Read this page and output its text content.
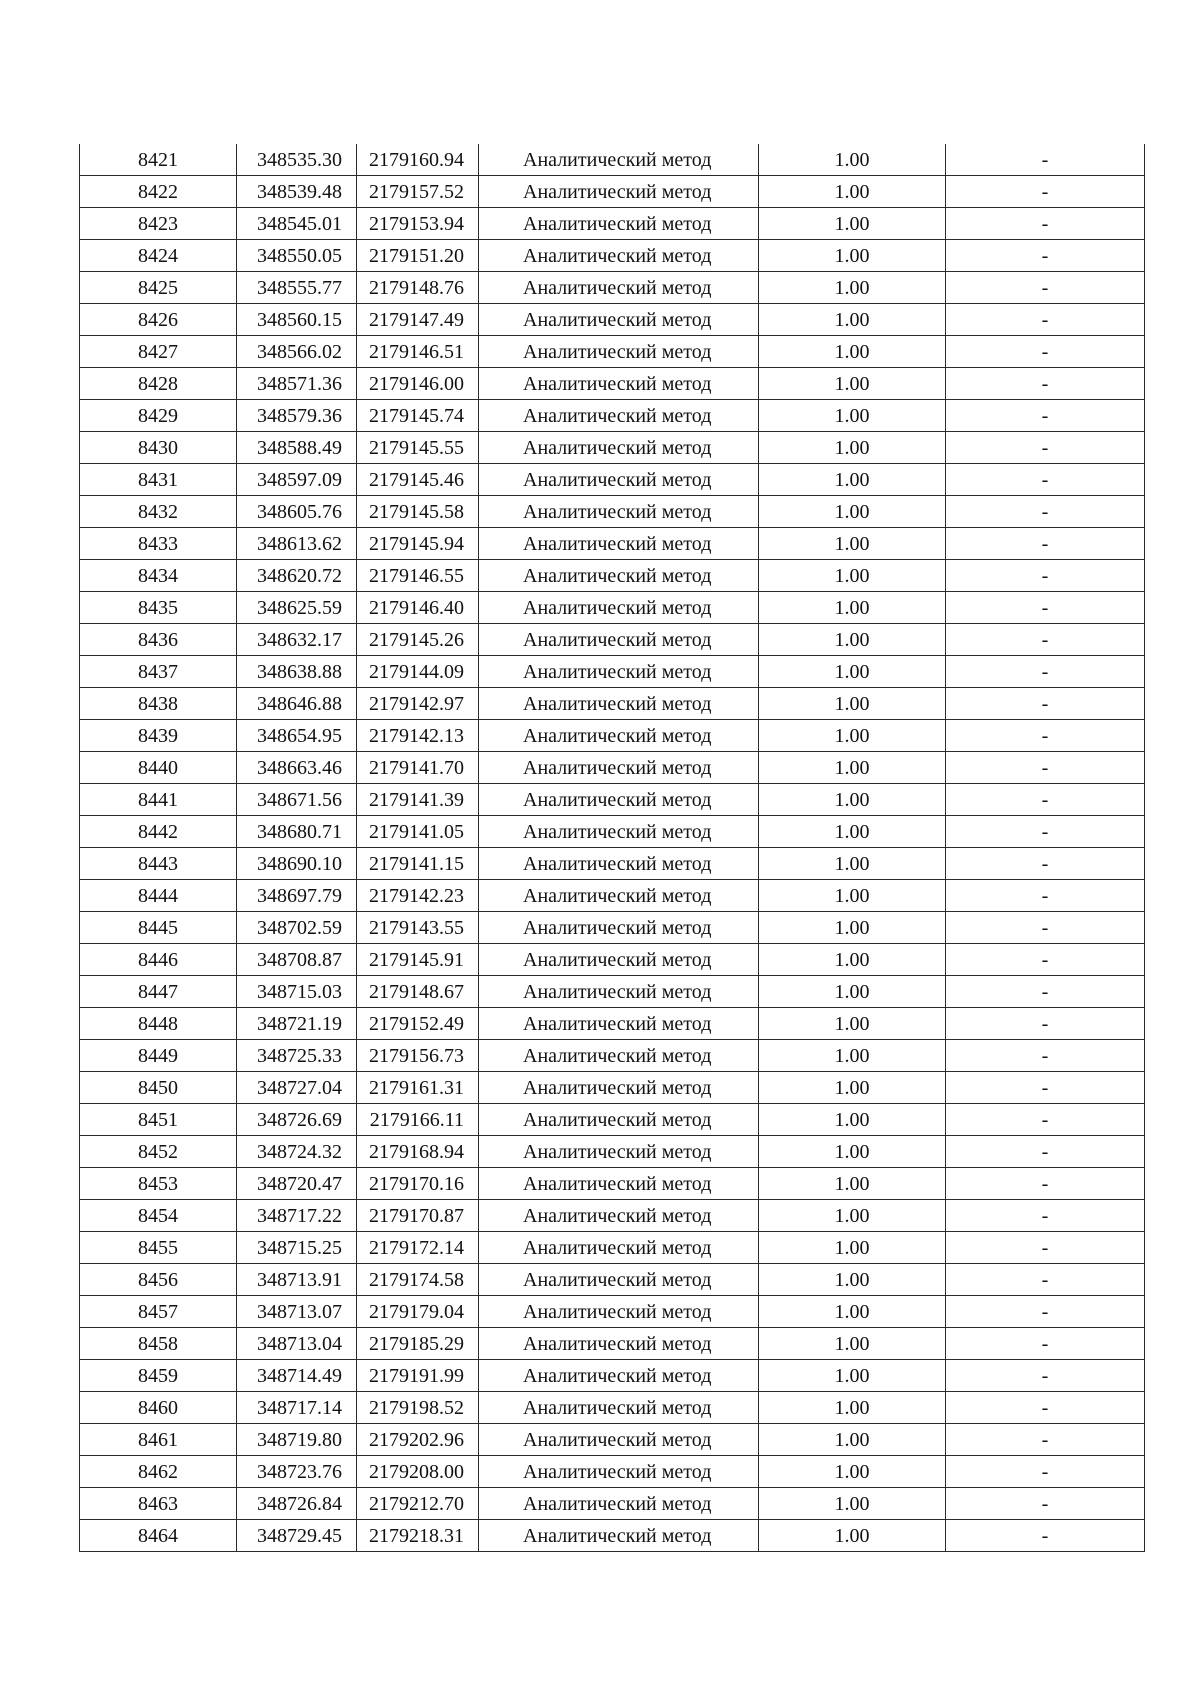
8421	348535.30	2179160.94	Аналитический метод	1.00	-
8422	348539.48	2179157.52	Аналитический метод	1.00	-
8423	348545.01	2179153.94	Аналитический метод	1.00	-
8424	348550.05	2179151.20	Аналитический метод	1.00	-
8425	348555.77	2179148.76	Аналитический метод	1.00	-
8426	348560.15	2179147.49	Аналитический метод	1.00	-
8427	348566.02	2179146.51	Аналитический метод	1.00	-
8428	348571.36	2179146.00	Аналитический метод	1.00	-
8429	348579.36	2179145.74	Аналитический метод	1.00	-
8430	348588.49	2179145.55	Аналитический метод	1.00	-
8431	348597.09	2179145.46	Аналитический метод	1.00	-
8432	348605.76	2179145.58	Аналитический метод	1.00	-
8433	348613.62	2179145.94	Аналитический метод	1.00	-
8434	348620.72	2179146.55	Аналитический метод	1.00	-
8435	348625.59	2179146.40	Аналитический метод	1.00	-
8436	348632.17	2179145.26	Аналитический метод	1.00	-
8437	348638.88	2179144.09	Аналитический метод	1.00	-
8438	348646.88	2179142.97	Аналитический метод	1.00	-
8439	348654.95	2179142.13	Аналитический метод	1.00	-
8440	348663.46	2179141.70	Аналитический метод	1.00	-
8441	348671.56	2179141.39	Аналитический метод	1.00	-
8442	348680.71	2179141.05	Аналитический метод	1.00	-
8443	348690.10	2179141.15	Аналитический метод	1.00	-
8444	348697.79	2179142.23	Аналитический метод	1.00	-
8445	348702.59	2179143.55	Аналитический метод	1.00	-
8446	348708.87	2179145.91	Аналитический метод	1.00	-
8447	348715.03	2179148.67	Аналитический метод	1.00	-
8448	348721.19	2179152.49	Аналитический метод	1.00	-
8449	348725.33	2179156.73	Аналитический метод	1.00	-
8450	348727.04	2179161.31	Аналитический метод	1.00	-
8451	348726.69	2179166.11	Аналитический метод	1.00	-
8452	348724.32	2179168.94	Аналитический метод	1.00	-
8453	348720.47	2179170.16	Аналитический метод	1.00	-
8454	348717.22	2179170.87	Аналитический метод	1.00	-
8455	348715.25	2179172.14	Аналитический метод	1.00	-
8456	348713.91	2179174.58	Аналитический метод	1.00	-
8457	348713.07	2179179.04	Аналитический метод	1.00	-
8458	348713.04	2179185.29	Аналитический метод	1.00	-
8459	348714.49	2179191.99	Аналитический метод	1.00	-
8460	348717.14	2179198.52	Аналитический метод	1.00	-
8461	348719.80	2179202.96	Аналитический метод	1.00	-
8462	348723.76	2179208.00	Аналитический метод	1.00	-
8463	348726.84	2179212.70	Аналитический метод	1.00	-
8464	348729.45	2179218.31	Аналитический метод	1.00	-
